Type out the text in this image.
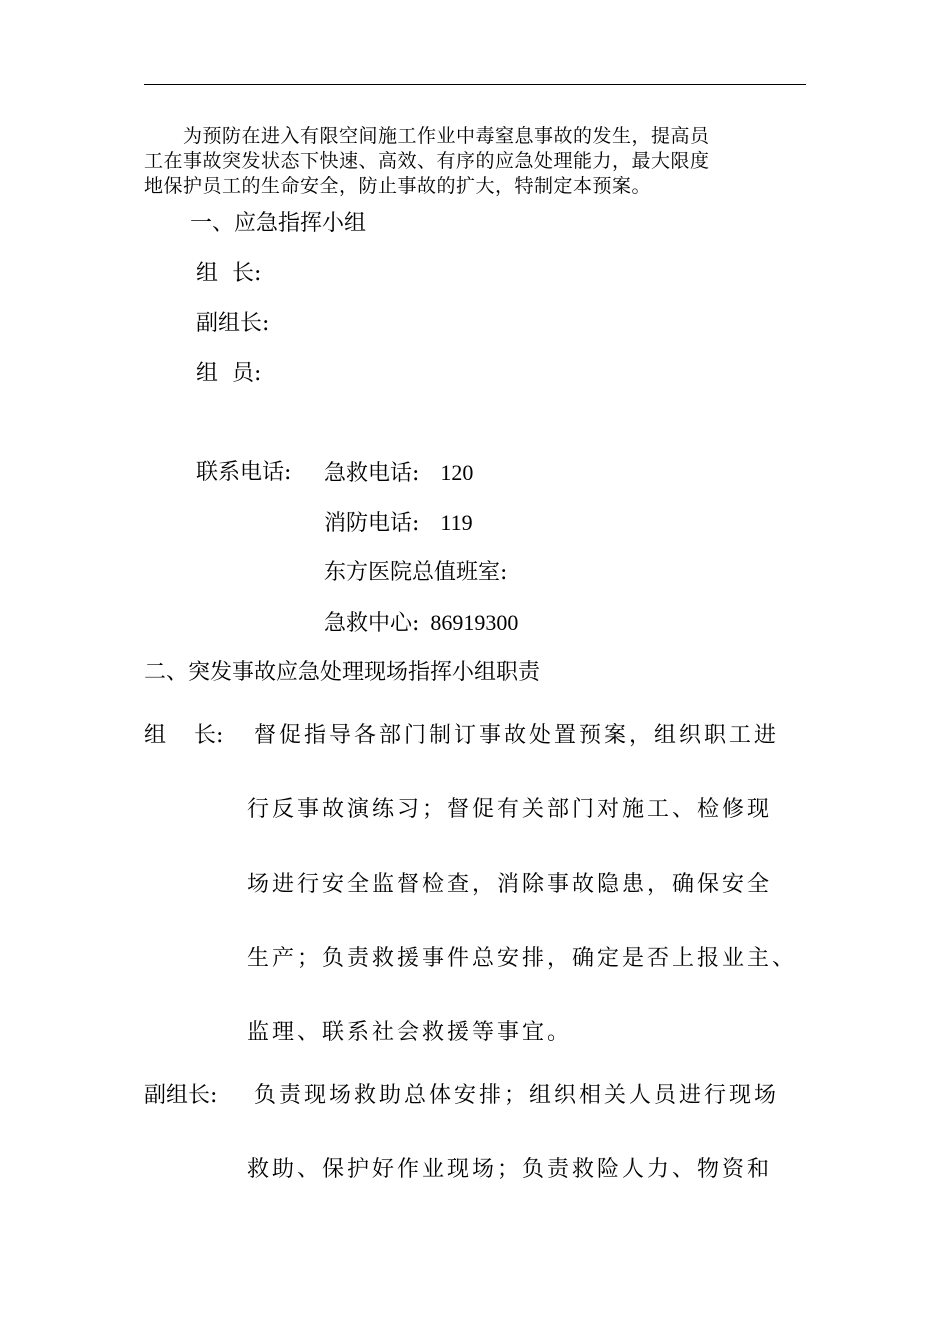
　　为预防在进入有限空间施工作业中毒窒息事故的发生，提高员
工在事故突发状态下快速、高效、有序的应急处理能力，最大限度
地保护员工的生命安全，防止事故的扩大，特制定本预案。
一、应急指挥小组
组  长:
副组长:
组  员:
联系电话: 急救电话: 120
消防电话: 119
东方医院总值班室:
急救中心: 86919300
二、突发事故应急处理现场指挥小组职责
组    长: 督促指导各部门制订事故处置预案，组织职工进
行反事故演练习；督促有关部门对施工、检修现
场进行安全监督检查，消除事故隐患，确保安全
生产；负责救援事件总安排，确定是否上报业主、
监理、联系社会救援等事宜。
副组长: 负责现场救助总体安排；组织相关人员进行现场
救助、保护好作业现场；负责救险人力、物资和
